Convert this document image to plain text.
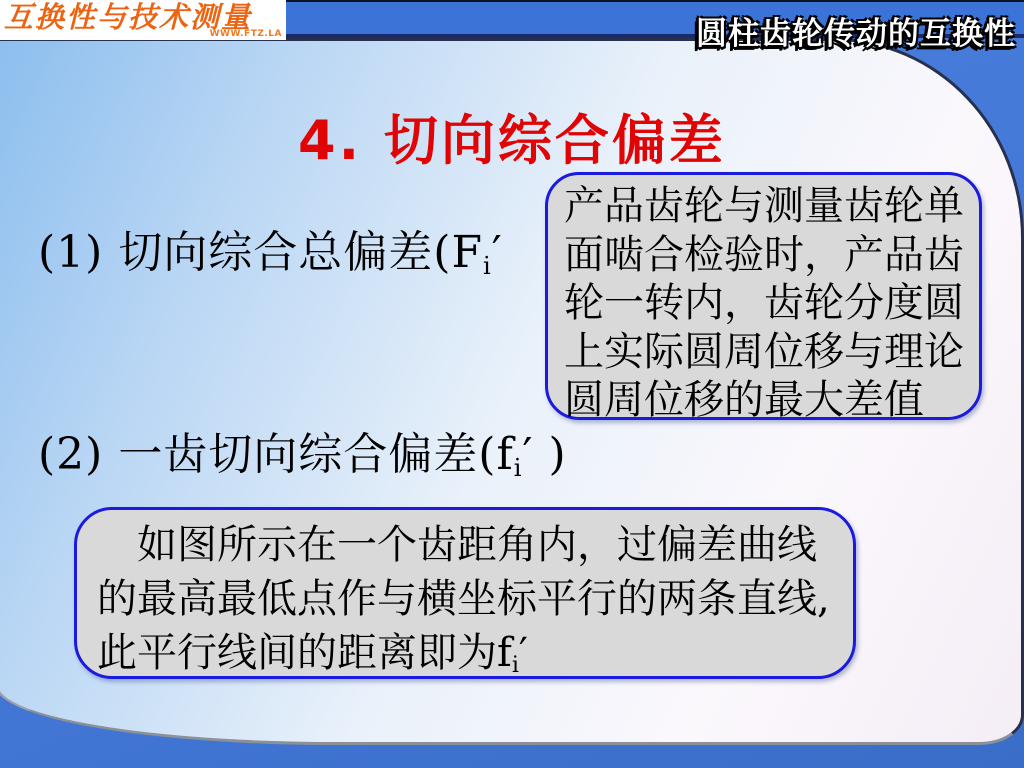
互换性与技术测量
WWW.FTZ.LA	圆柱齿轮传动的互换性
4. 切向综合偏差
(1) 切向综合总偏差($F_i'$
产品齿轮与测量齿轮单
面啮合检验时，产品齿
轮一转内，齿轮分度圆
上实际圆周位移与理论
圆周位移的最大差值
(2) 一齿切向综合偏差($f_i'$ )
　如图所示在一个齿距角内，过偏差曲线
的最高最低点作与横坐标平行的两条直线,
此平行线间的距离即为$f_i'$
